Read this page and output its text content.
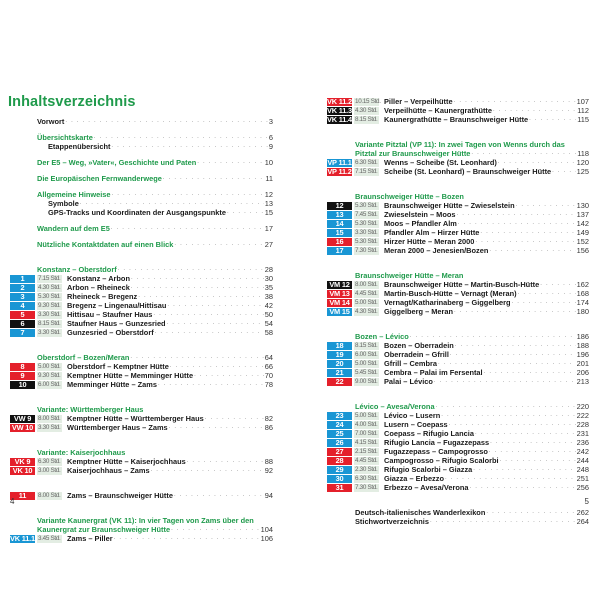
Inhaltsverzeichnis
Vorwort . . .	3
Übersichtskarte . . .	6
Etappenübersicht . . .	9
Der E5 – Weg, »Vater«, Geschichte und Paten . . .	10
Die Europäischen Fernwanderwege . . .	11
Allgemeine Hinweise . . .	12
Symbole . . .	13
GPS-Tracks und Koordinaten der Ausgangspunkte . . .	15
Wandern auf dem E5 . . .	17
Nützliche Kontaktdaten auf einen Blick . . .	27
Konstanz – Oberstdorf . . .	28
1	7.15 Std. Konstanz – Arbon . . .	30
2	4.30 Std. Arbon – Rheineck . . .	35
3	5.30 Std. Rheineck – Bregenz . . .	38
4	9.30 Std. Bregenz – Lingenau/Hittisau . . .	42
5	3.30 Std. Hittisau – Staufner Haus . . .	50
6	8.15 Std. Staufner Haus – Gunzesried . . .	54
7	3.30 Std. Gunzesried – Oberstdorf . . .	58
Oberstdorf – Bozen/Meran . . .	64
8	5.00 Std. Oberstdorf – Kemptner Hütte . . .	66
9	9.30 Std. Kemptner Hütte – Memminger Hütte . . .	70
10	6.00 Std. Memminger Hütte – Zams . . .	78
Variante: Württemberger Haus
VW 9	8.00 Std. Kemptner Hütte – Württemberger Haus . . .	82
VW 10 3.30 Std. Württemberger Haus – Zams . . .	86
Variante: Kaiserjochhaus
VK 9	6.30 Std. Kemptner Hütte – Kaiserjochhaus . . .	88
VK 10 3.00 Std. Kaiserjochhaus – Zams . . .	92
11	8.00 Std. Zams – Braunschweiger Hütte . . .	94
Variante Kaunergrat (VK 11): In vier Tagen von Zams über den
Kaunergrat zur Braunschweiger Hütte . . .	104
VK 11.1 3.45 Std. Zams – Piller . . .	106
4
VK 11.2 10.15 Std. Piller – Verpeilhütte . . .	107
VK 11.3 4.30 Std. Verpeilhütte – Kaunergrathütte . . .	112
VK 11.4 8.15 Std. Kaunergrathütte – Braunschweiger Hütte . . .	115
Variante Pitztal (VP 11): In zwei Tagen von Wenns durch das
Pitztal zur Braunschweiger Hütte . . .	118
VP 11.1 6.30 Std. Wenns – Scheibe (St. Leonhard) . . .	120
VP 11.2 7.15 Std. Scheibe (St. Leonhard) – Braunschweiger Hütte . . .	125
Braunschweiger Hütte – Bozen
12	5.30 Std. Braunschweiger Hütte – Zwieselstein . . .	130
13	7.45 Std. Zwieselstein – Moos . . .	137
14	5.30 Std. Moos – Pfandler Alm . . .	142
15	3.30 Std. Pfandler Alm – Hirzer Hütte . . .	149
16	5.30 Std. Hirzer Hütte – Meran 2000 . . .	152
17	7.30 Std. Meran 2000 – Jenesien/Bozen . . .	156
Braunschweiger Hütte – Meran
VM 12 8.00 Std. Braunschweiger Hütte – Martin-Busch-Hütte . . .	162
VM 13 4.45 Std. Martin-Busch-Hütte – Vernagt (Meran) . . .	168
VM 14 5.00 Std. Vernagt/Katharinaberg – Giggelberg . . .	174
VM 15 4.30 Std. Giggelberg – Meran . . .	180
Bozen – Lévico . . .	186
18	8.15 Std. Bozen – Oberradein . . .	188
19	6.00 Std. Oberradein – Gfrill . . .	196
20	5.00 Std. Gfrill – Cembra . . .	201
21	5.45 Std. Cembra – Palai im Fersental . . .	206
22	9.00 Std. Palai – Lévico . . .	213
Lévico – Avesa/Verona . . .	220
23	5.00 Std. Lévico – Lusern . . .	222
24	4.00 Std. Lusern – Coepass . . .	228
25	7.00 Std. Coepass – Rifugio Lancia . . .	231
26	4.15 Std. Rifugio Lancia – Fugazzepass . . .	236
27	2.15 Std. Fugazzepass – Campogrosso . . .	242
28	4.45 Std. Campogrosso – Rifugio Scalorbi . . .	244
29	2.30 Std. Rifugio Scalorbi – Giazza . . .	248
30	6.30 Std. Giazza – Erbezzo . . .	251
31	7.30 Std. Erbezzo – Avesa/Verona . . .	256
Deutsch-italienisches Wanderlexikon . . .	262
Stichwortverzeichnis . . .	264
5
